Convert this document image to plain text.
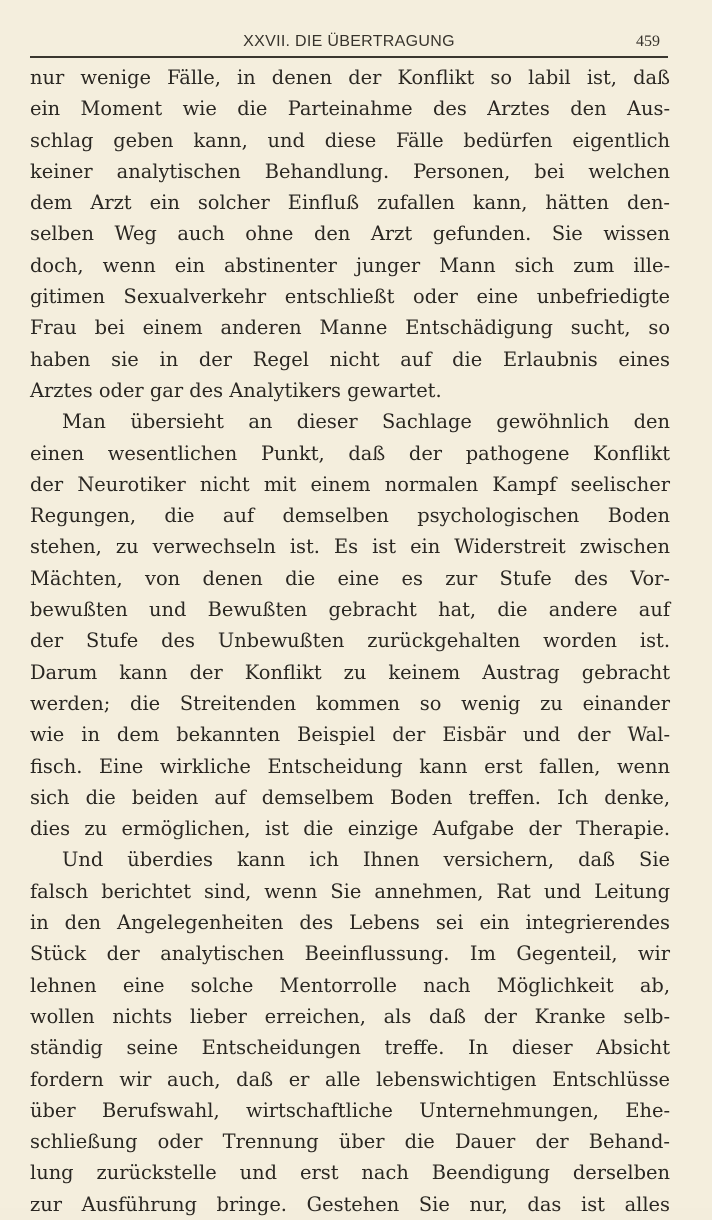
XXVII. DIE ÜBERTRAGUNG	459
nur wenige Fälle, in denen der Konflikt so labil ist, daß
ein Moment wie die Parteinahme des Arztes den Aus-
schlag geben kann, und diese Fälle bedürfen eigentlich
keiner analytischen Behandlung. Personen, bei welchen
dem Arzt ein solcher Einfluß zufallen kann, hätten den-
selben Weg auch ohne den Arzt gefunden. Sie wissen
doch, wenn ein abstinenter junger Mann sich zum ille-
gitimen Sexualverkehr entschließt oder eine unbefriedigte
Frau bei einem anderen Manne Entschädigung sucht, so
haben sie in der Regel nicht auf die Erlaubnis eines
Arztes oder gar des Analytikers gewartet.
Man übersieht an dieser Sachlage gewöhnlich den
einen wesentlichen Punkt, daß der pathogene Konflikt
der Neurotiker nicht mit einem normalen Kampf seelischer
Regungen, die auf demselben psychologischen Boden
stehen, zu verwechseln ist. Es ist ein Widerstreit zwischen
Mächten, von denen die eine es zur Stufe des Vor-
bewußten und Bewußten gebracht hat, die andere auf
der Stufe des Unbewußten zurückgehalten worden ist.
Darum kann der Konflikt zu keinem Austrag gebracht
werden; die Streitenden kommen so wenig zu einander
wie in dem bekannten Beispiel der Eisbär und der Wal-
fisch. Eine wirkliche Entscheidung kann erst fallen, wenn
sich die beiden auf demselbem Boden treffen. Ich denke,
dies zu ermöglichen, ist die einzige Aufgabe der Therapie.
Und überdies kann ich Ihnen versichern, daß Sie
falsch berichtet sind, wenn Sie annehmen, Rat und Leitung
in den Angelegenheiten des Lebens sei ein integrierendes
Stück der analytischen Beeinflussung. Im Gegenteil, wir
lehnen eine solche Mentorrolle nach Möglichkeit ab,
wollen nichts lieber erreichen, als daß der Kranke selb-
ständig seine Entscheidungen treffe. In dieser Absicht
fordern wir auch, daß er alle lebenswichtigen Entschlüsse
über Berufswahl, wirtschaftliche Unternehmungen, Ehe-
schließung oder Trennung über die Dauer der Behand-
lung zurückstelle und erst nach Beendigung derselben
zur Ausführung bringe. Gestehen Sie nur, das ist alles
